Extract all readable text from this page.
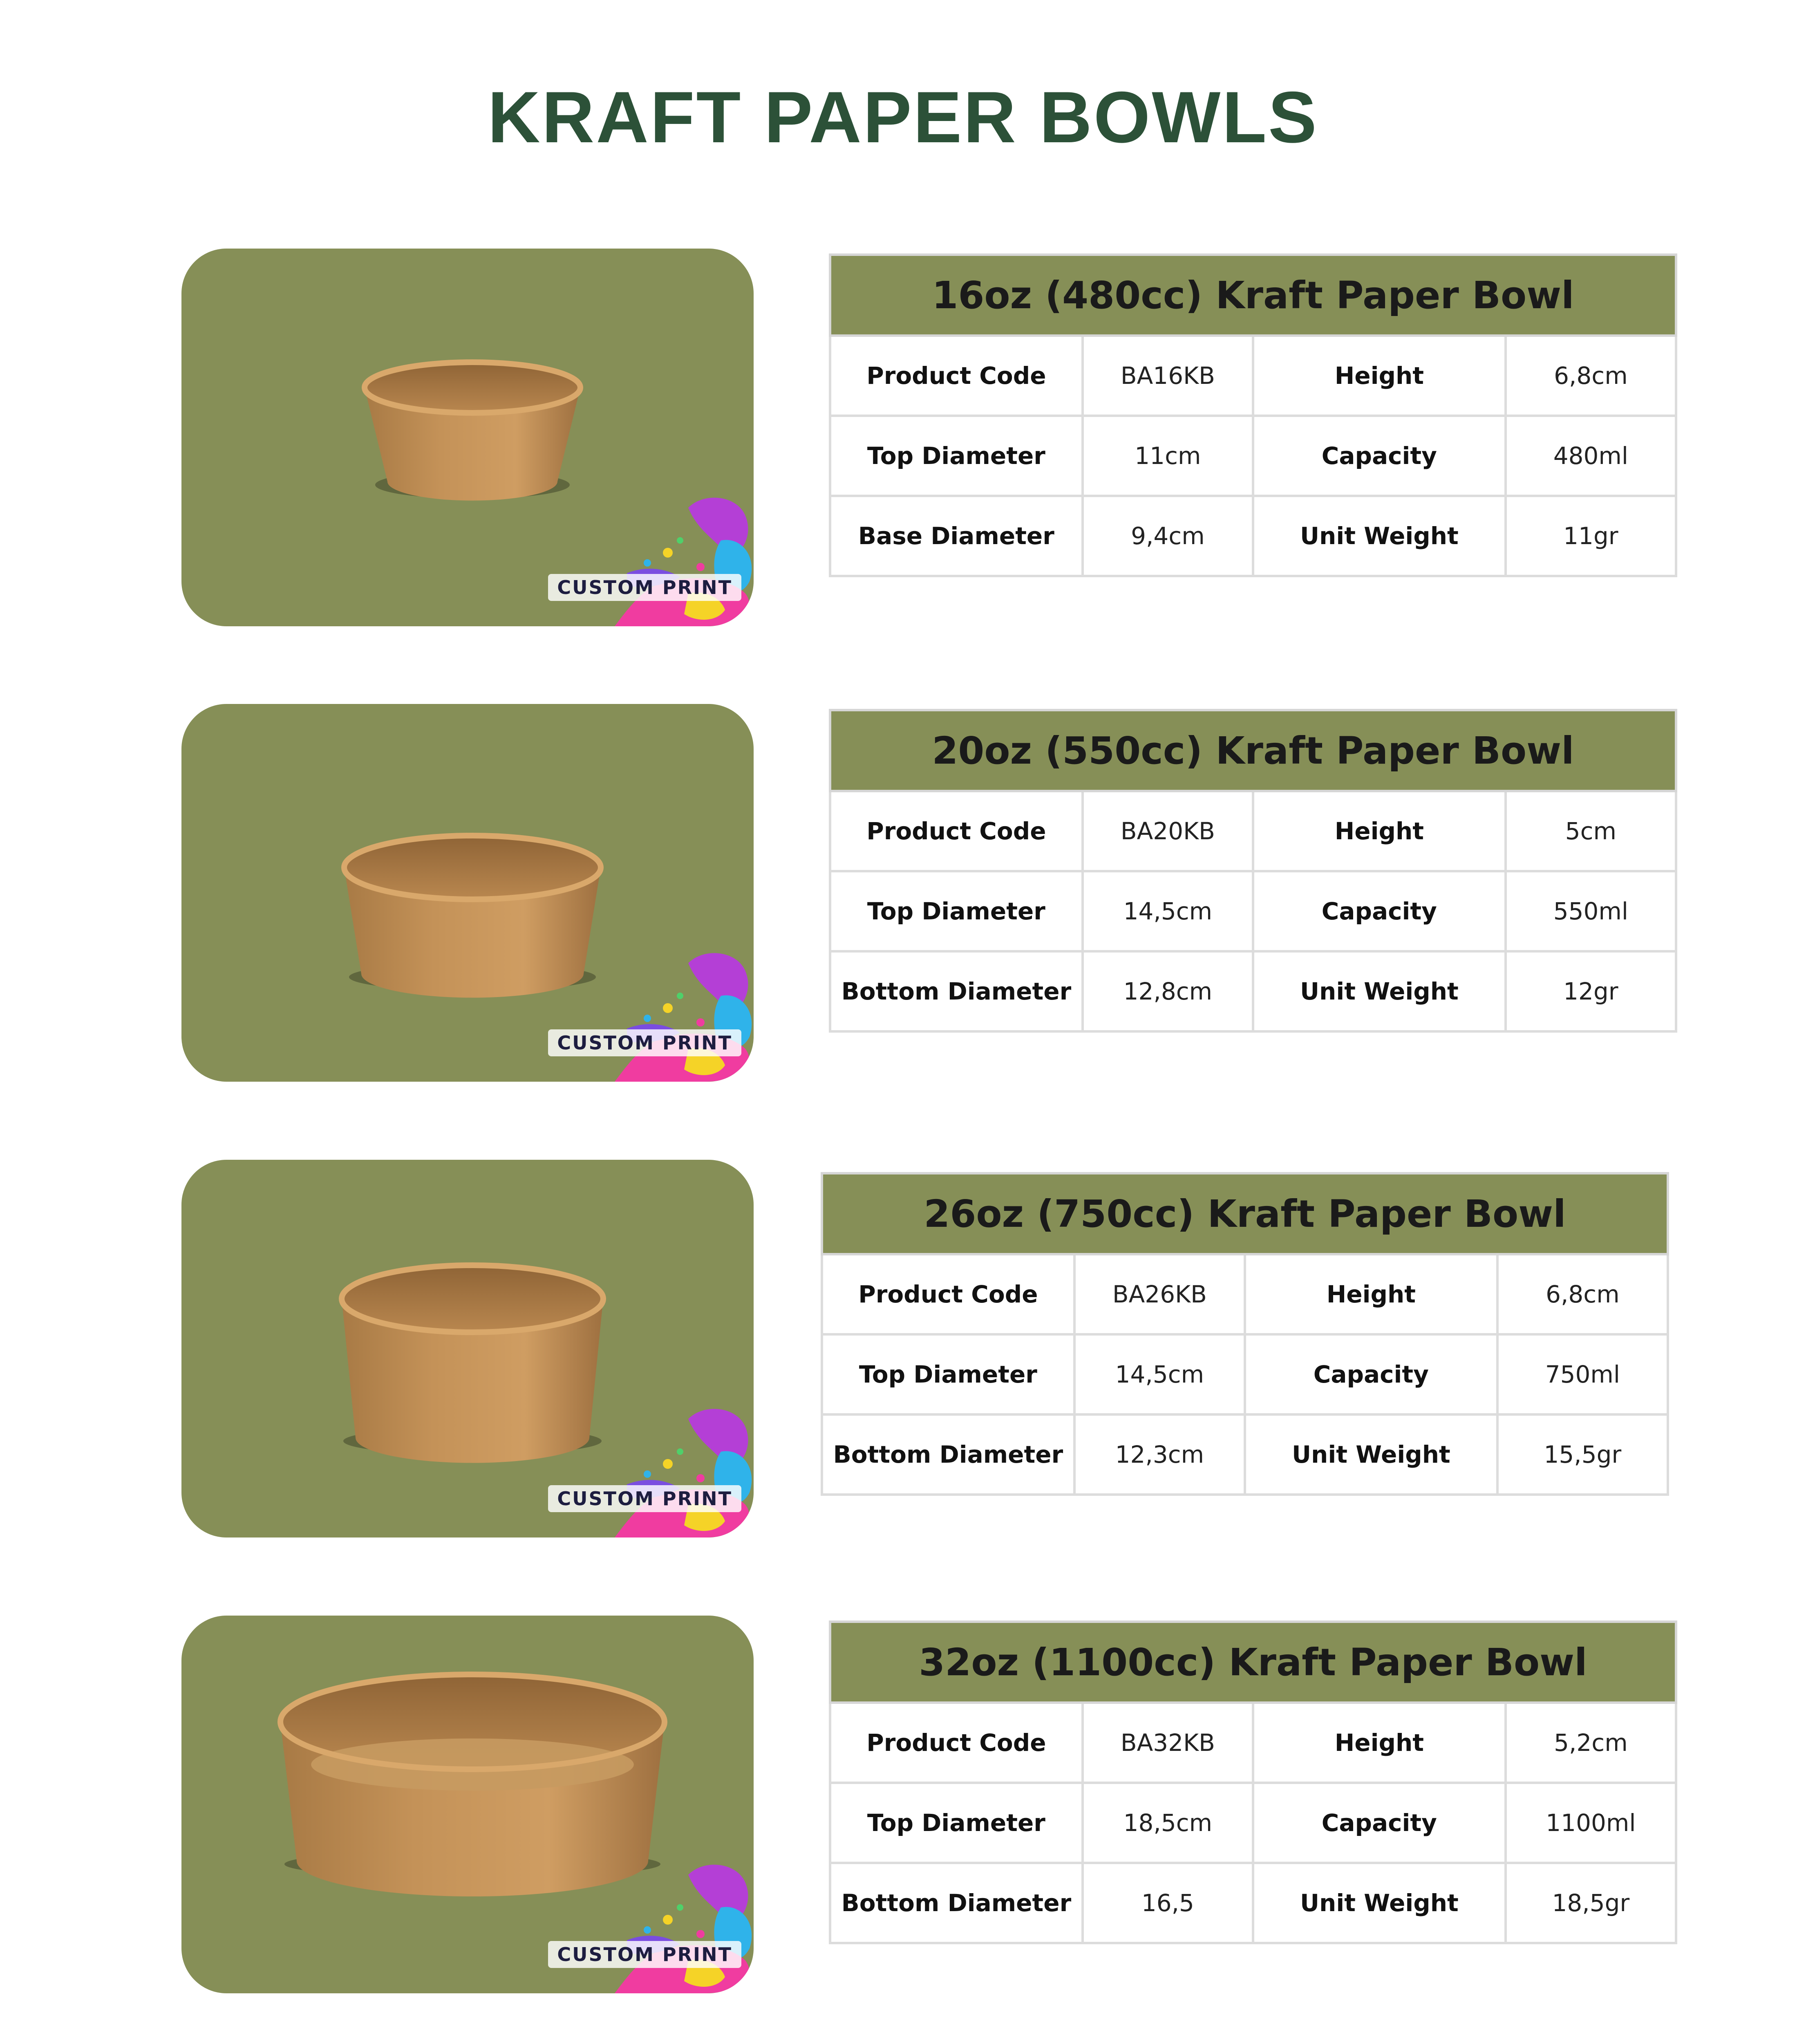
KRAFT PAPER BOWLS
CUSTOM PRINT
16oz (480cc) Kraft Paper Bowl			
Product Code	BA16KB	Height	6,8cm
Top Diameter	11cm	Capacity	480ml
Base Diameter	9,4cm	Unit Weight	11gr
CUSTOM PRINT
20oz (550cc) Kraft Paper Bowl			
Product Code	BA20KB	Height	5cm
Top Diameter	14,5cm	Capacity	550ml
Bottom Diameter	12,8cm	Unit Weight	12gr
CUSTOM PRINT
26oz (750cc) Kraft Paper Bowl			
Product Code	BA26KB	Height	6,8cm
Top Diameter	14,5cm	Capacity	750ml
Bottom Diameter	12,3cm	Unit Weight	15,5gr
CUSTOM PRINT
32oz (1100cc) Kraft Paper Bowl			
Product Code	BA32KB	Height	5,2cm
Top Diameter	18,5cm	Capacity	1100ml
Bottom Diameter	16,5	Unit Weight	18,5gr
